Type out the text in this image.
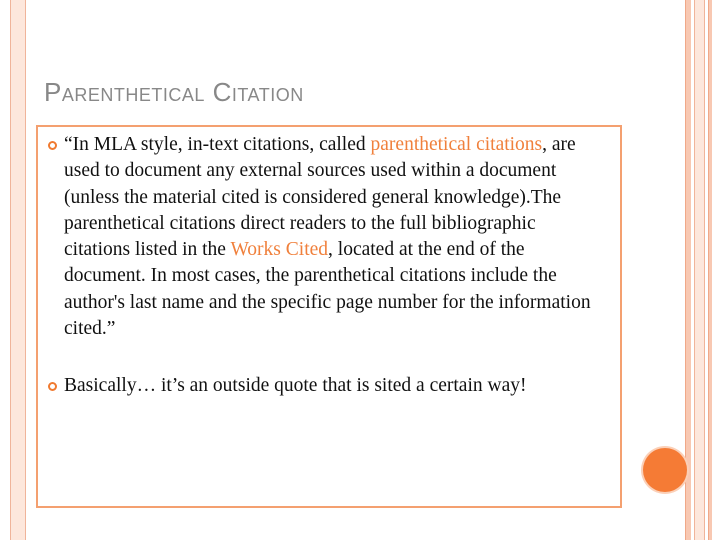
Parenthetical Citation
“In MLA style, in-text citations, called parenthetical citations, are used to document any external sources used within a document (unless the material cited is considered general knowledge).The parenthetical citations direct readers to the full bibliographic citations listed in the Works Cited, located at the end of the document. In most cases, the parenthetical citations include the author's last name and the specific page number for the information cited.”
Basically… it’s an outside quote that is sited a certain way!
